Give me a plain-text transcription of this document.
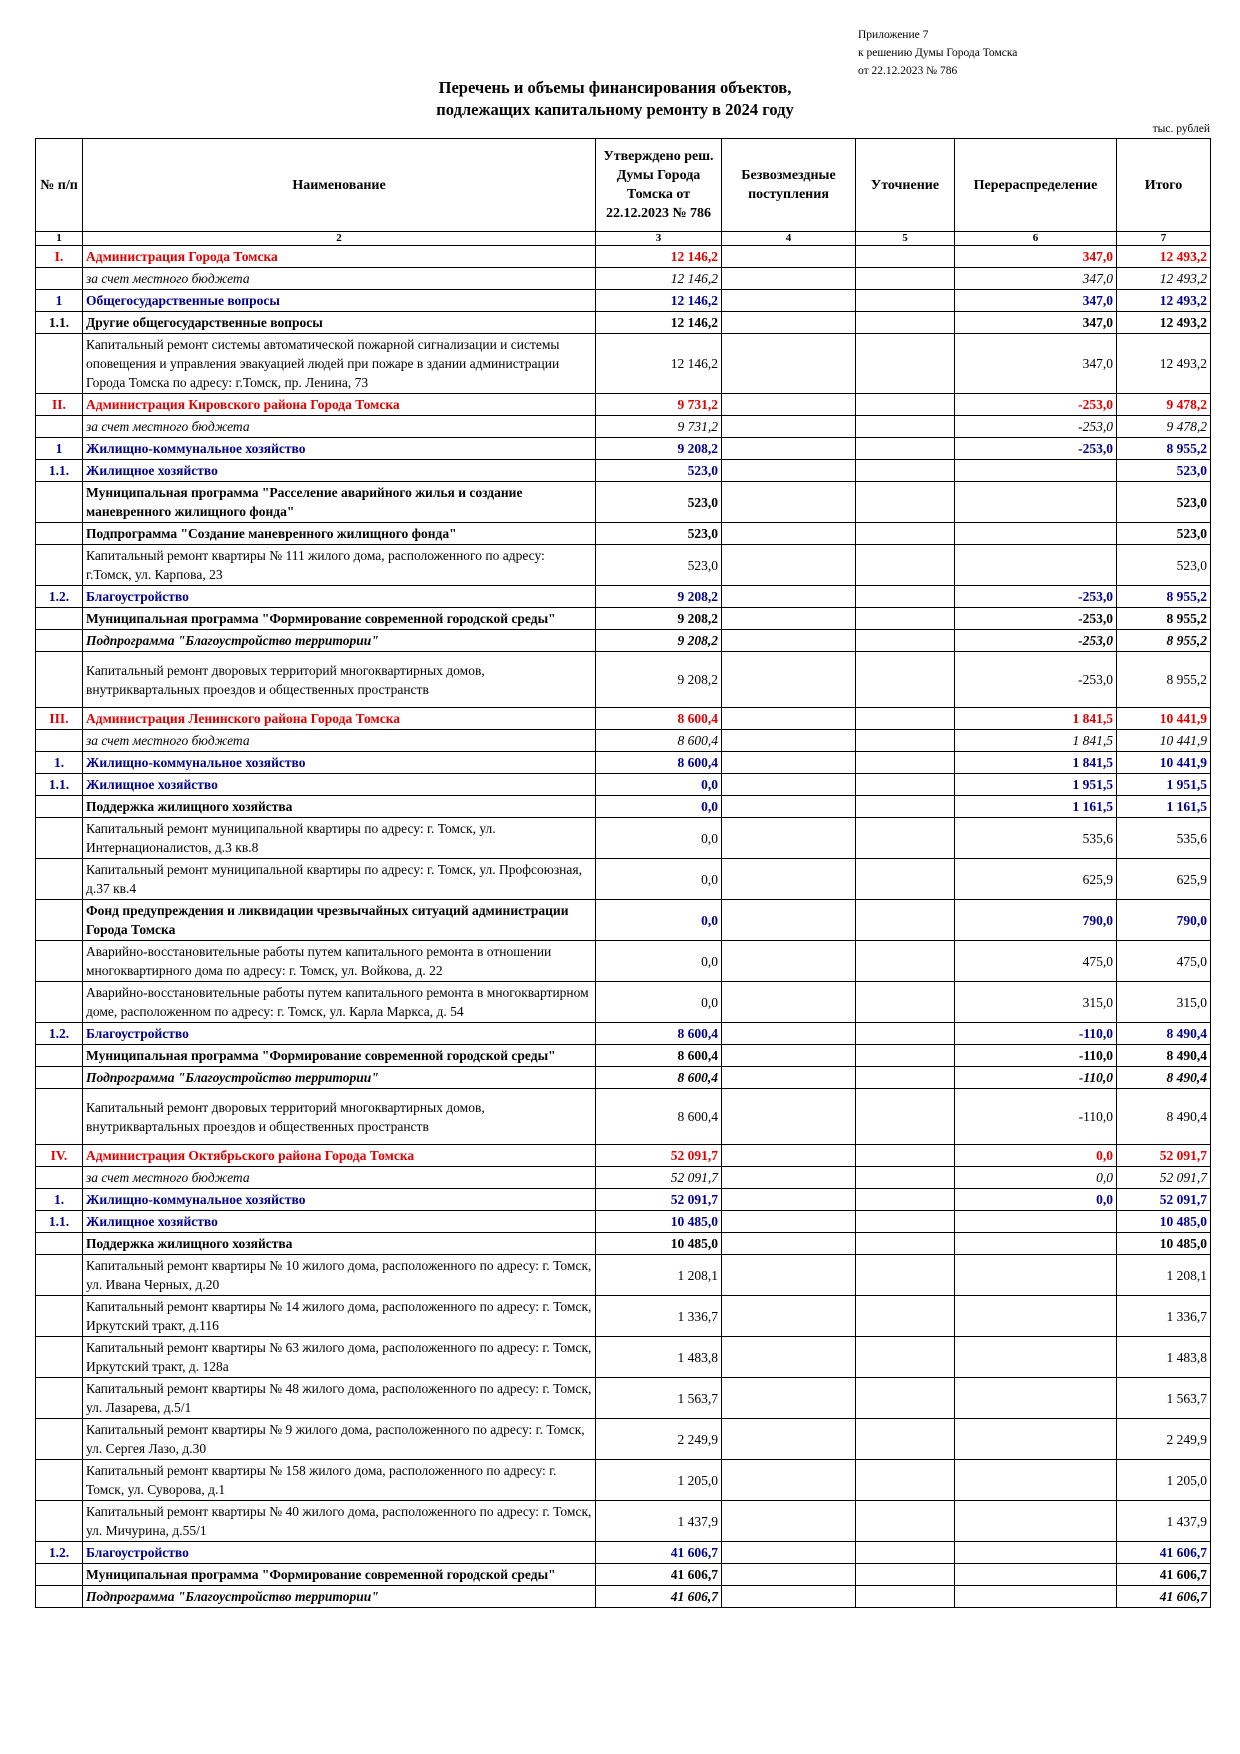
Приложение 7
к решению Думы Города Томска
от 22.12.2023 № 786
Перечень и объемы финансирования объектов,
подлежащих капитальному ремонту в 2024 году
тыс. рублей
№ п/п	Наименование	Утверждено реш. Думы Города Томска от 22.12.2023 № 786	Безвозмездные поступления	Уточнение	Перераспределение	Итого
1	2	3	4	5	6	7
I.	Администрация Города Томска	12 146,2			347,0	12 493,2
	за счет местного бюджета	12 146,2			347,0	12 493,2
1	Общегосударственные вопросы	12 146,2			347,0	12 493,2
1.1.	Другие общегосударственные вопросы	12 146,2			347,0	12 493,2
	Капитальный ремонт системы автоматической пожарной сигнализации и системы оповещения и управления эвакуацией людей при пожаре в здании администрации Города Томска по адресу: г.Томск, пр. Ленина, 73	12 146,2			347,0	12 493,2
II.	Администрация Кировского района Города Томска	9 731,2			-253,0	9 478,2
	за счет местного бюджета	9 731,2			-253,0	9 478,2
1	Жилищно-коммунальное хозяйство	9 208,2			-253,0	8 955,2
1.1.	Жилищное хозяйство	523,0				523,0
	Муниципальная программа "Расселение аварийного жилья и создание маневренного жилищного фонда"	523,0				523,0
	Подпрограмма "Создание маневренного жилищного фонда"	523,0				523,0
	Капитальный ремонт квартиры № 111 жилого дома, расположенного по адресу: г.Томск, ул. Карпова, 23	523,0				523,0
1.2.	Благоустройство	9 208,2			-253,0	8 955,2
	Муниципальная программа "Формирование современной городской среды"	9 208,2			-253,0	8 955,2
	Подпрограмма "Благоустройство территории"	9 208,2			-253,0	8 955,2
	Капитальный ремонт дворовых территорий многоквартирных домов, внутриквартальных проездов и общественных пространств	9 208,2			-253,0	8 955,2
III.	Администрация Ленинского района Города Томска	8 600,4			1 841,5	10 441,9
	за счет местного бюджета	8 600,4			1 841,5	10 441,9
1.	Жилищно-коммунальное хозяйство	8 600,4			1 841,5	10 441,9
1.1.	Жилищное хозяйство	0,0			1 951,5	1 951,5
	Поддержка жилищного хозяйства	0,0			1 161,5	1 161,5
	Капитальный ремонт муниципальной квартиры по адресу: г. Томск, ул. Интернационалистов, д.3 кв.8	0,0			535,6	535,6
	Капитальный ремонт муниципальной квартиры по адресу: г. Томск, ул. Профсоюзная, д.37 кв.4	0,0			625,9	625,9
	Фонд предупреждения и ликвидации чрезвычайных ситуаций администрации Города Томска	0,0			790,0	790,0
	Аварийно-восстановительные работы путем капитального ремонта в отношении многоквартирного дома по адресу: г. Томск, ул. Войкова, д. 22	0,0			475,0	475,0
	Аварийно-восстановительные работы путем капитального ремонта в многоквартирном доме, расположенном по адресу: г. Томск, ул. Карла Маркса, д. 54	0,0			315,0	315,0
1.2.	Благоустройство	8 600,4			-110,0	8 490,4
	Муниципальная программа "Формирование современной городской среды"	8 600,4			-110,0	8 490,4
	Подпрограмма "Благоустройство территории"	8 600,4			-110,0	8 490,4
	Капитальный ремонт дворовых территорий многоквартирных домов, внутриквартальных проездов и общественных пространств	8 600,4			-110,0	8 490,4
IV.	Администрация Октябрьского района Города Томска	52 091,7			0,0	52 091,7
	за счет местного бюджета	52 091,7			0,0	52 091,7
1.	Жилищно-коммунальное хозяйство	52 091,7			0,0	52 091,7
1.1.	Жилищное хозяйство	10 485,0				10 485,0
	Поддержка жилищного хозяйства	10 485,0				10 485,0
	Капитальный ремонт квартиры № 10 жилого дома, расположенного по адресу: г. Томск, ул. Ивана Черных, д.20	1 208,1				1 208,1
	Капитальный ремонт квартиры № 14 жилого дома, расположенного по адресу: г. Томск, Иркутский тракт, д.116	1 336,7				1 336,7
	Капитальный ремонт квартиры № 63 жилого дома, расположенного по адресу: г. Томск, Иркутский тракт, д. 128а	1 483,8				1 483,8
	Капитальный ремонт квартиры № 48 жилого дома, расположенного по адресу: г. Томск, ул. Лазарева, д.5/1	1 563,7				1 563,7
	Капитальный ремонт квартиры № 9 жилого дома, расположенного по адресу: г. Томск, ул. Сергея Лазо, д.30	2 249,9				2 249,9
	Капитальный ремонт квартиры № 158 жилого дома, расположенного по адресу: г. Томск, ул. Суворова, д.1	1 205,0				1 205,0
	Капитальный ремонт квартиры № 40 жилого дома, расположенного по адресу: г. Томск, ул. Мичурина, д.55/1	1 437,9				1 437,9
1.2.	Благоустройство	41 606,7				41 606,7
	Муниципальная программа "Формирование современной городской среды"	41 606,7				41 606,7
	Подпрограмма "Благоустройство территории"	41 606,7				41 606,7
